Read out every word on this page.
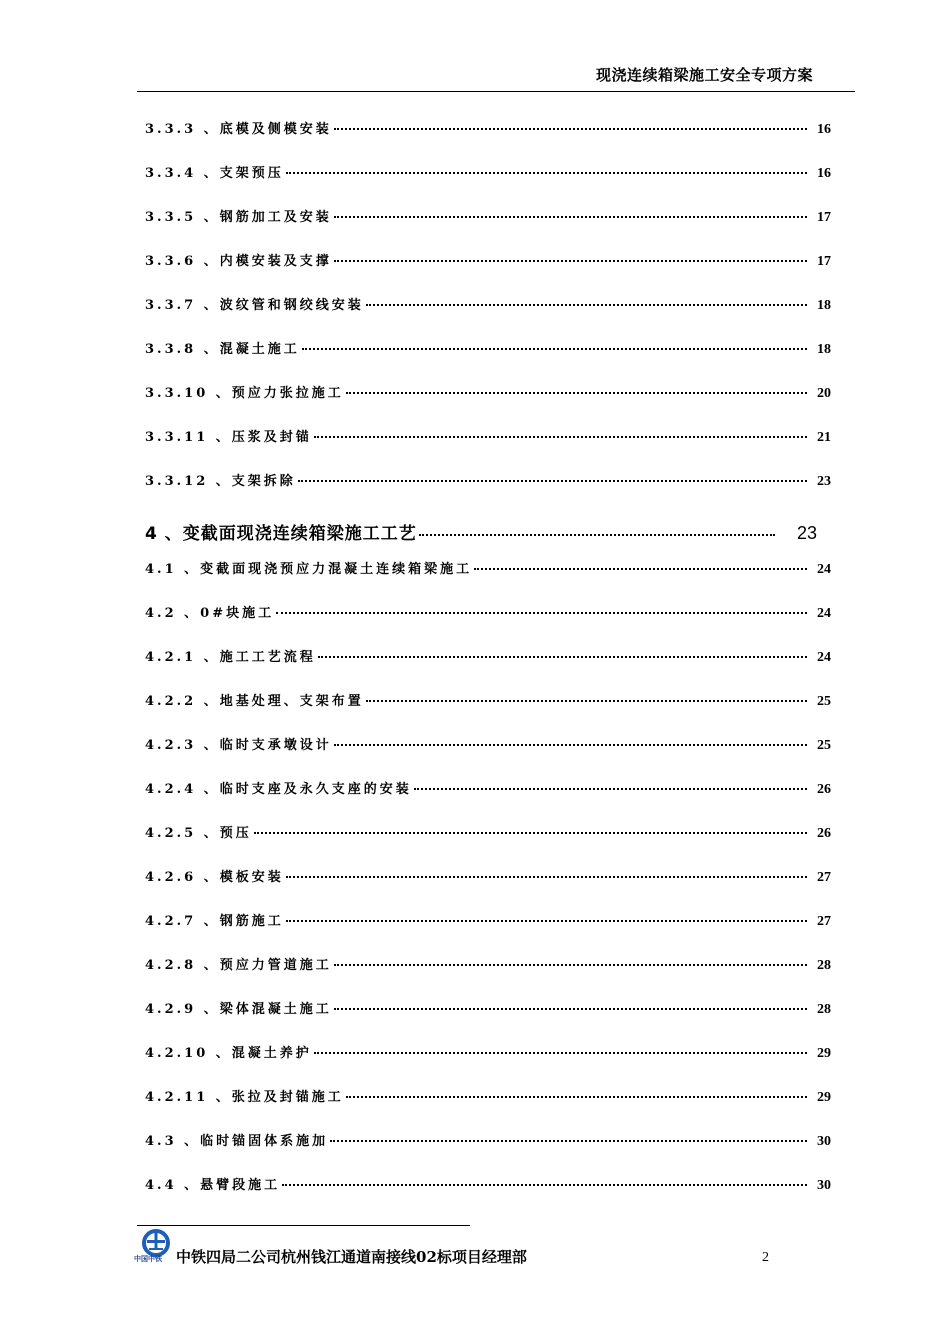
现浇连续箱梁施工安全专项方案
3.3.3 、底模及侧模安装	16
3.3.4 、支架预压	16
3.3.5 、钢筋加工及安装	17
3.3.6 、内模安装及支撑	17
3.3.7 、波纹管和钢绞线安装	18
3.3.8 、混凝土施工	18
3.3.10 、预应力张拉施工	20
3.3.11 、压浆及封锚	21
3.3.12 、支架拆除	23
4 、变截面现浇连续箱梁施工工艺	23
4.1 、变截面现浇预应力混凝土连续箱梁施工	24
4.2 、0#块施工	24
4.2.1 、施工工艺流程	24
4.2.2 、地基处理、支架布置	25
4.2.3 、临时支承墩设计	25
4.2.4 、临时支座及永久支座的安装	26
4.2.5 、预压	26
4.2.6 、模板安装	27
4.2.7 、钢筋施工	27
4.2.8 、预应力管道施工	28
4.2.9 、梁体混凝土施工	28
4.2.10 、混凝土养护	29
4.2.11 、张拉及封锚施工	29
4.3 、临时锚固体系施加	30
4.4 、悬臂段施工	30
中国中铁 中铁四局二公司杭州钱江通道南接线02标项目经理部	2
